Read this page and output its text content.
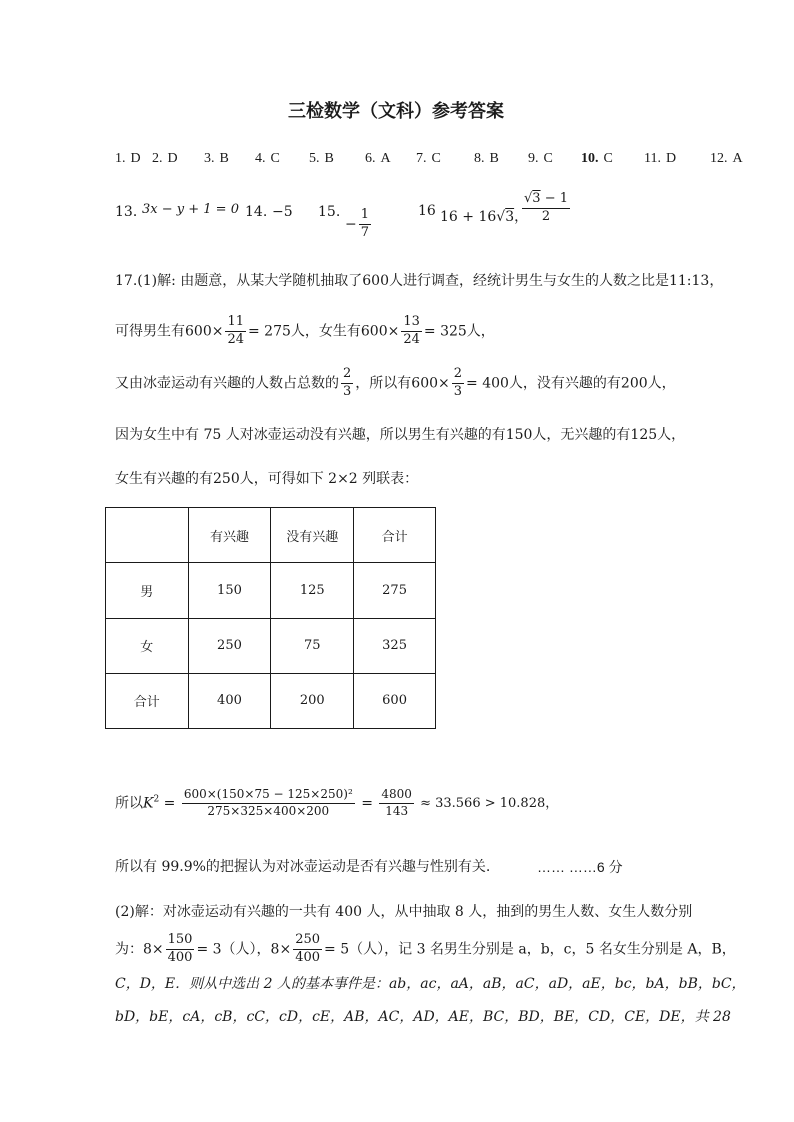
三检数学（文科）参考答案
1. D 2. D 3. B 4. C 5. B 6. A 7. C 8. B 9. C 10. C 11. D 12. A
13．
3x − y + 1 = 0 14. −5 15.
− $\frac{1}{7}$	16 16 + 16√3，
$\frac{√3 - 1}{2}$
17.(1)解: 由题意，从某大学随机抽取了600人进行调查，经统计男生与女生的人数之比是11:13，
可得男生有$600\times \frac{11}{24} = 275$人，女生有$600\times \frac{13}{24} = 325$人，
又由冰壶运动有兴趣的人数占总数的 $\frac{2}{3}$ ，所以有$600\times \frac{2}{3} = 400$人，没有兴趣的有200人，
因为女生中有 75 人对冰壶运动没有兴趣，所以男生有兴趣的有150人，无兴趣的有125人，
女生有兴趣的有250人，可得如下 2×2 列联表：
	有兴趣	没有兴趣	合计
男	150	125	275
女	250	75	325
合计	400	200	600
所以$K^2 = \frac{\text{600×(150×75 − 125×250)²}}{275\times 325\times 400\times 200} = \frac{4800}{143} \approx 33.566 > 10.828$，
所以有 99.9%的把握认为对冰壶运动是否有兴趣与性别有关.	…… ……6 分
(2)解：对冰壶运动有兴趣的一共有 400 人，从中抽取 8 人，抽到的男生人数、女生人数分别
为：$8\times \frac{150}{400} = 3$（人），$8\times \frac{250}{400} = 5$（人），记 3 名男生分别是 a，b，c，5 名女生分别是 A，B，
C，D，E．则从中选出 2 人的基本事件是：ab，ac，aA，aB，aC，aD，aE，bc，bA，bB，bC，
bD，bE，cA，cB，cC，cD，cE，AB，AC，AD，AE，BC，BD，BE，CD，CE，DE，共 28
